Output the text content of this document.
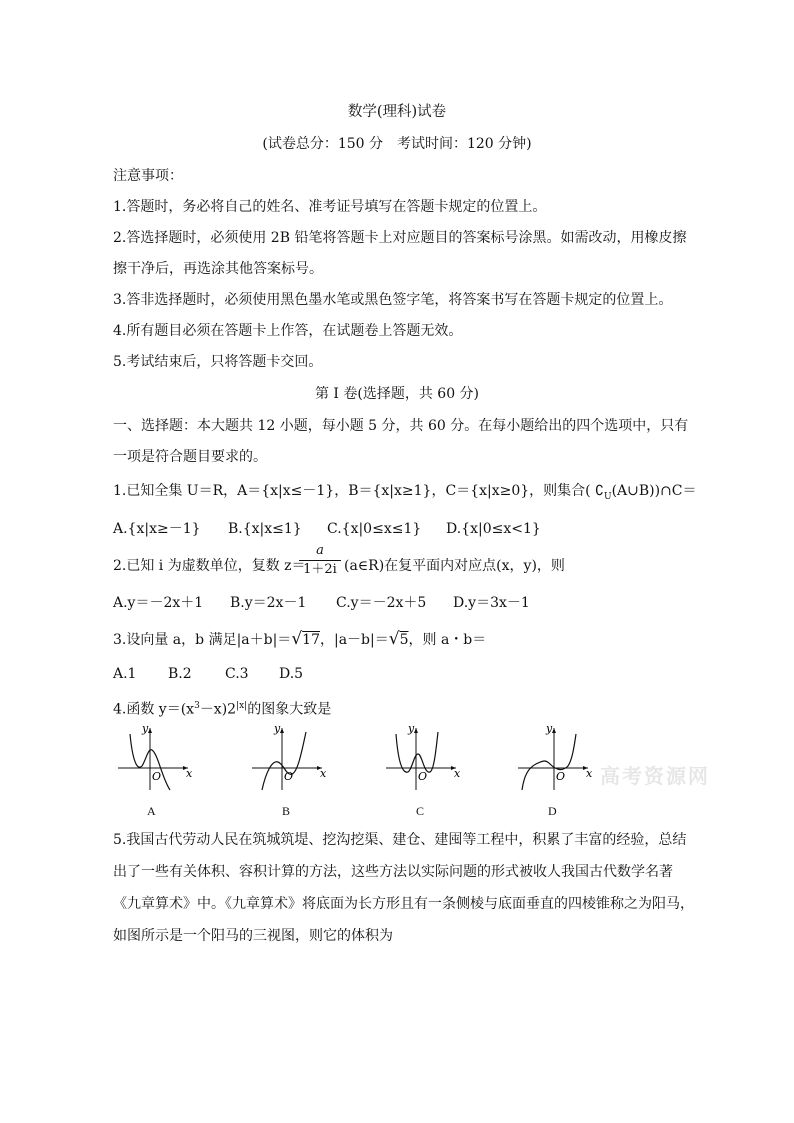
数学(理科)试卷
(试卷总分：150 分　考试时间：120 分钟)
注意事项：
1.答题时，务必将自己的姓名、准考证号填写在答题卡规定的位置上。
2.答选择题时，必须使用 2B 铅笔将答题卡上对应题目的答案标号涂黑。如需改动，用橡皮擦
擦干净后，再选涂其他答案标号。
3.答非选择题时，必须使用黑色墨水笔或黑色签字笔，将答案书写在答题卡规定的位置上。
4.所有题目必须在答题卡上作答，在试题卷上答题无效。
5.考试结束后，只将答题卡交回。
第 I 卷(选择题，共 60 分)
一、选择题：本大题共 12 小题，每小题 5 分，共 60 分。在每小题给出的四个选项中，只有
一项是符合题目要求的。
1.已知全集 U＝R，A＝{x|x≤－1}，B＝{x|x≥1}，C＝{x|x≥0}，则集合( $∁_U(A\cup B))\cap C=$
A.{x|x≥－1} B.{x|x≤1} C.{x|0≤x≤1} D.{x|0≤x<1}
2.已知 i 为虚数单位，复数 z＝
a
1＋2i (a∈R)在复平面内对应点(x，y)，则
A.y＝－2x＋1 B.y＝2x－1 C.y＝－2x＋5 D.y＝3x－1
3.设向量 a，b 满足|a＋b|＝√17，|a－b|＝√5，则 a・b＝
A.1 B.2 C.3 D.5
4.函数 $y=(x^3-x)2^{|x|}$的图象大致是
y
x
O
A
y
x
O
B
y
x
O
C
y
x
O
D
高考资源网
5.我国古代劳动人民在筑城筑堤、挖沟挖渠、建仓、建囤等工程中，积累了丰富的经验，总结
出了一些有关体积、容积计算的方法，这些方法以实际问题的形式被收人我国古代数学名著
《九章算术》中。《九章算术》将底面为长方形且有一条侧棱与底面垂直的四棱锥称之为阳马，
如图所示是一个阳马的三视图，则它的体积为
